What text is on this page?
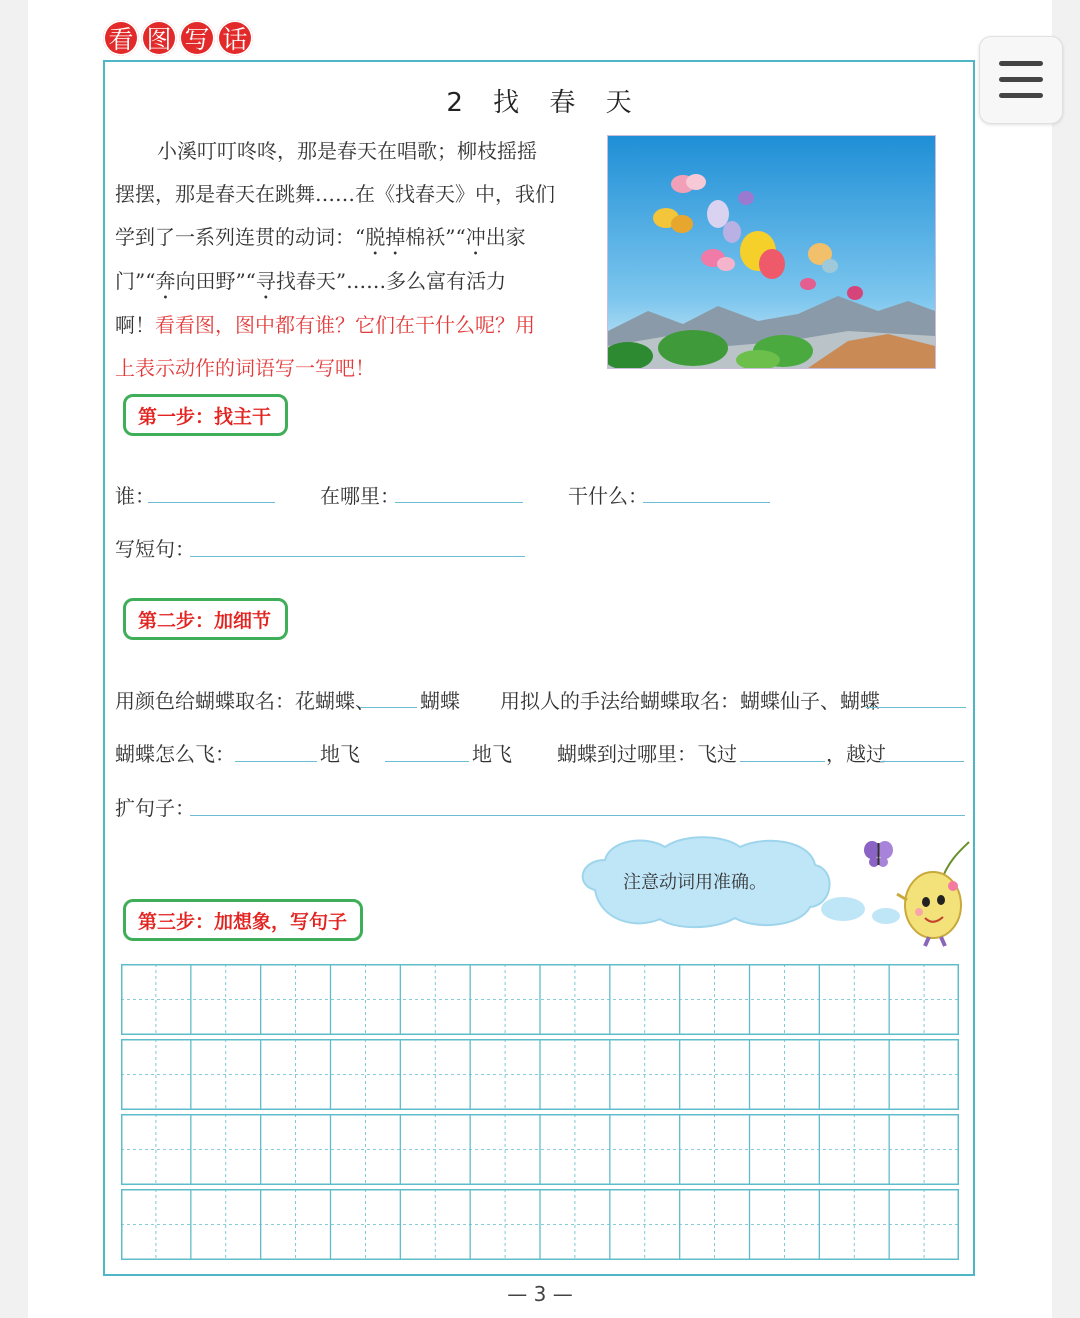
看 图 写 话
2 找 春 天
小溪叮叮咚咚，那是春天在唱歌；柳枝摇摇
摆摆，那是春天在跳舞……在《找春天》中，我们
学到了一系列连贯的动词：“脱掉棉袄”“冲出家
门”“奔向田野”“寻找春天”……多么富有活力
啊！看看图，图中都有谁？它们在干什么呢？用
上表示动作的词语写一写吧！
第一步：找主干
谁：	在哪里：	干什么：
写短句：
第二步：加细节
用颜色给蝴蝶取名：花蝴蝶、 蝴蝶 用拟人的手法给蝴蝶取名：蝴蝶仙子、蝴蝶
蝴蝶怎么飞：	地飞	地飞 蝴蝶到过哪里：飞过	，越过
扩句子：
注意动词用准确。
第三步：加想象，写句子
— 3 —
